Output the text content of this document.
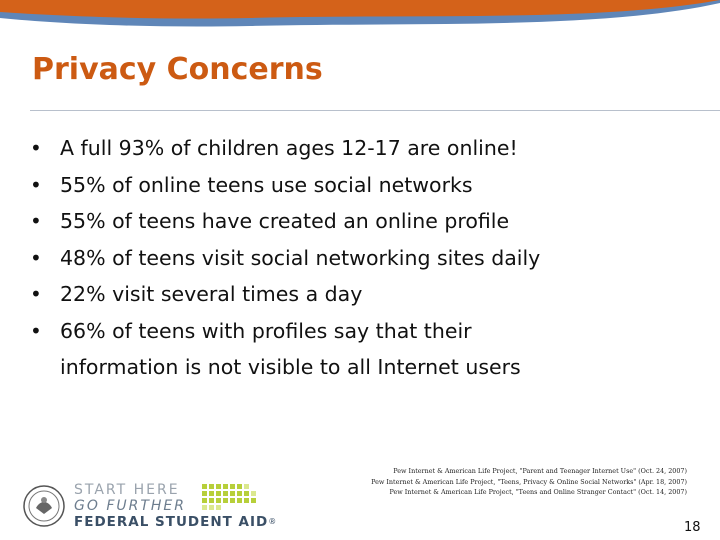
Privacy Concerns
• A full 93% of children ages 12-17 are online!
• 55% of online teens use social networks
• 55% of teens have created an online profile
• 48% of teens visit social networking sites daily
• 22% visit several times a day
• 66% of teens with profiles say that their
information is not visible to all Internet users
START HERE
GO FURTHER
FEDERAL STUDENT AID®
Pew Internet & American Life Project, "Parent and Teenager Internet Use" (Oct. 24, 2007)
Pew Internet & American Life Project, "Teens, Privacy & Online Social Networks" (Apr. 18, 2007)
Pew Internet & American Life Project, "Teens and Online Stranger Contact" (Oct. 14, 2007)
18
